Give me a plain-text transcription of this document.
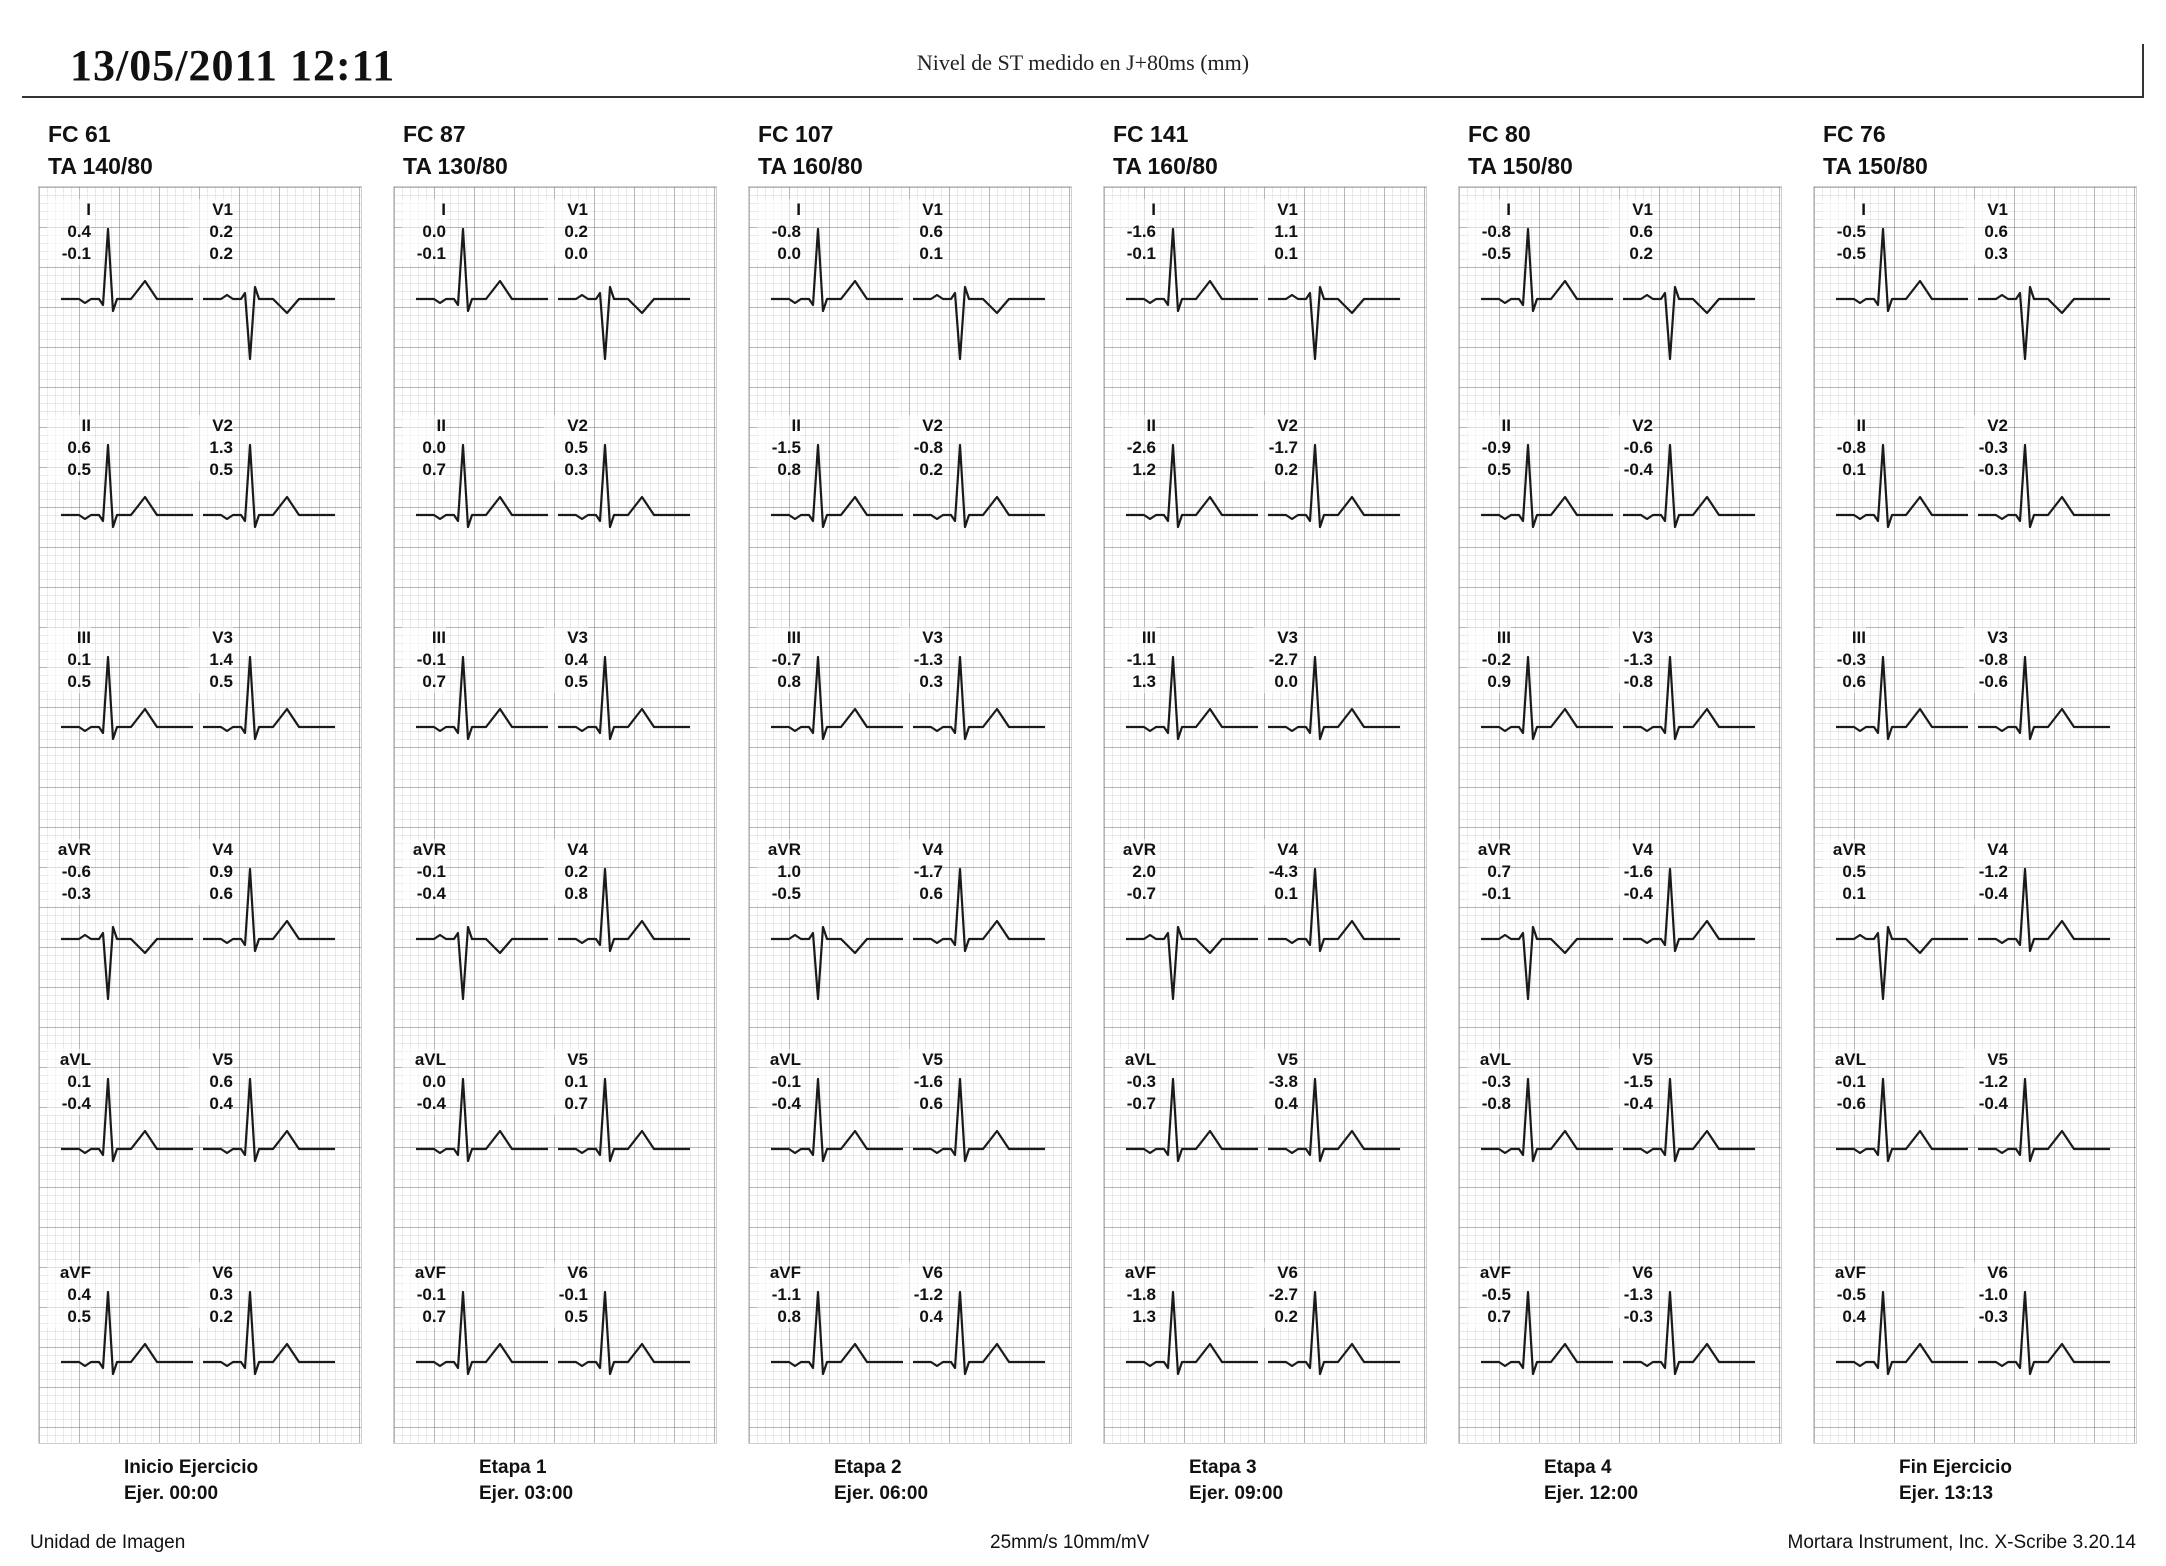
13/05/2011 12:11	Nivel de ST medido en J+80ms (mm)
FC 61
TA 140/80
I
0.4
-0.1
V1
0.2
0.2
II
0.6
0.5
V2
1.3
0.5
III
0.1
0.5
V3
1.4
0.5
aVR
-0.6
-0.3
V4
0.9
0.6
aVL
0.1
-0.4
V5
0.6
0.4
aVF
0.4
0.5
V6
0.3
0.2
Inicio Ejercicio
Ejer. 00:00
FC 87
TA 130/80
I
0.0
-0.1
V1
0.2
0.0
II
0.0
0.7
V2
0.5
0.3
III
-0.1
0.7
V3
0.4
0.5
aVR
-0.1
-0.4
V4
0.2
0.8
aVL
0.0
-0.4
V5
0.1
0.7
aVF
-0.1
0.7
V6
-0.1
0.5
Etapa 1
Ejer. 03:00
FC 107
TA 160/80
I
-0.8
0.0
V1
0.6
0.1
II
-1.5
0.8
V2
-0.8
0.2
III
-0.7
0.8
V3
-1.3
0.3
aVR
1.0
-0.5
V4
-1.7
0.6
aVL
-0.1
-0.4
V5
-1.6
0.6
aVF
-1.1
0.8
V6
-1.2
0.4
Etapa 2
Ejer. 06:00
FC 141
TA 160/80
I
-1.6
-0.1
V1
1.1
0.1
II
-2.6
1.2
V2
-1.7
0.2
III
-1.1
1.3
V3
-2.7
0.0
aVR
2.0
-0.7
V4
-4.3
0.1
aVL
-0.3
-0.7
V5
-3.8
0.4
aVF
-1.8
1.3
V6
-2.7
0.2
Etapa 3
Ejer. 09:00
FC 80
TA 150/80
I
-0.8
-0.5
V1
0.6
0.2
II
-0.9
0.5
V2
-0.6
-0.4
III
-0.2
0.9
V3
-1.3
-0.8
aVR
0.7
-0.1
V4
-1.6
-0.4
aVL
-0.3
-0.8
V5
-1.5
-0.4
aVF
-0.5
0.7
V6
-1.3
-0.3
Etapa 4
Ejer. 12:00
FC 76
TA 150/80
I
-0.5
-0.5
V1
0.6
0.3
II
-0.8
0.1
V2
-0.3
-0.3
III
-0.3
0.6
V3
-0.8
-0.6
aVR
0.5
0.1
V4
-1.2
-0.4
aVL
-0.1
-0.6
V5
-1.2
-0.4
aVF
-0.5
0.4
V6
-1.0
-0.3
Fin Ejercicio
Ejer. 13:13
Unidad de Imagen	25mm/s 10mm/mV	Mortara Instrument, Inc. X-Scribe 3.20.14
